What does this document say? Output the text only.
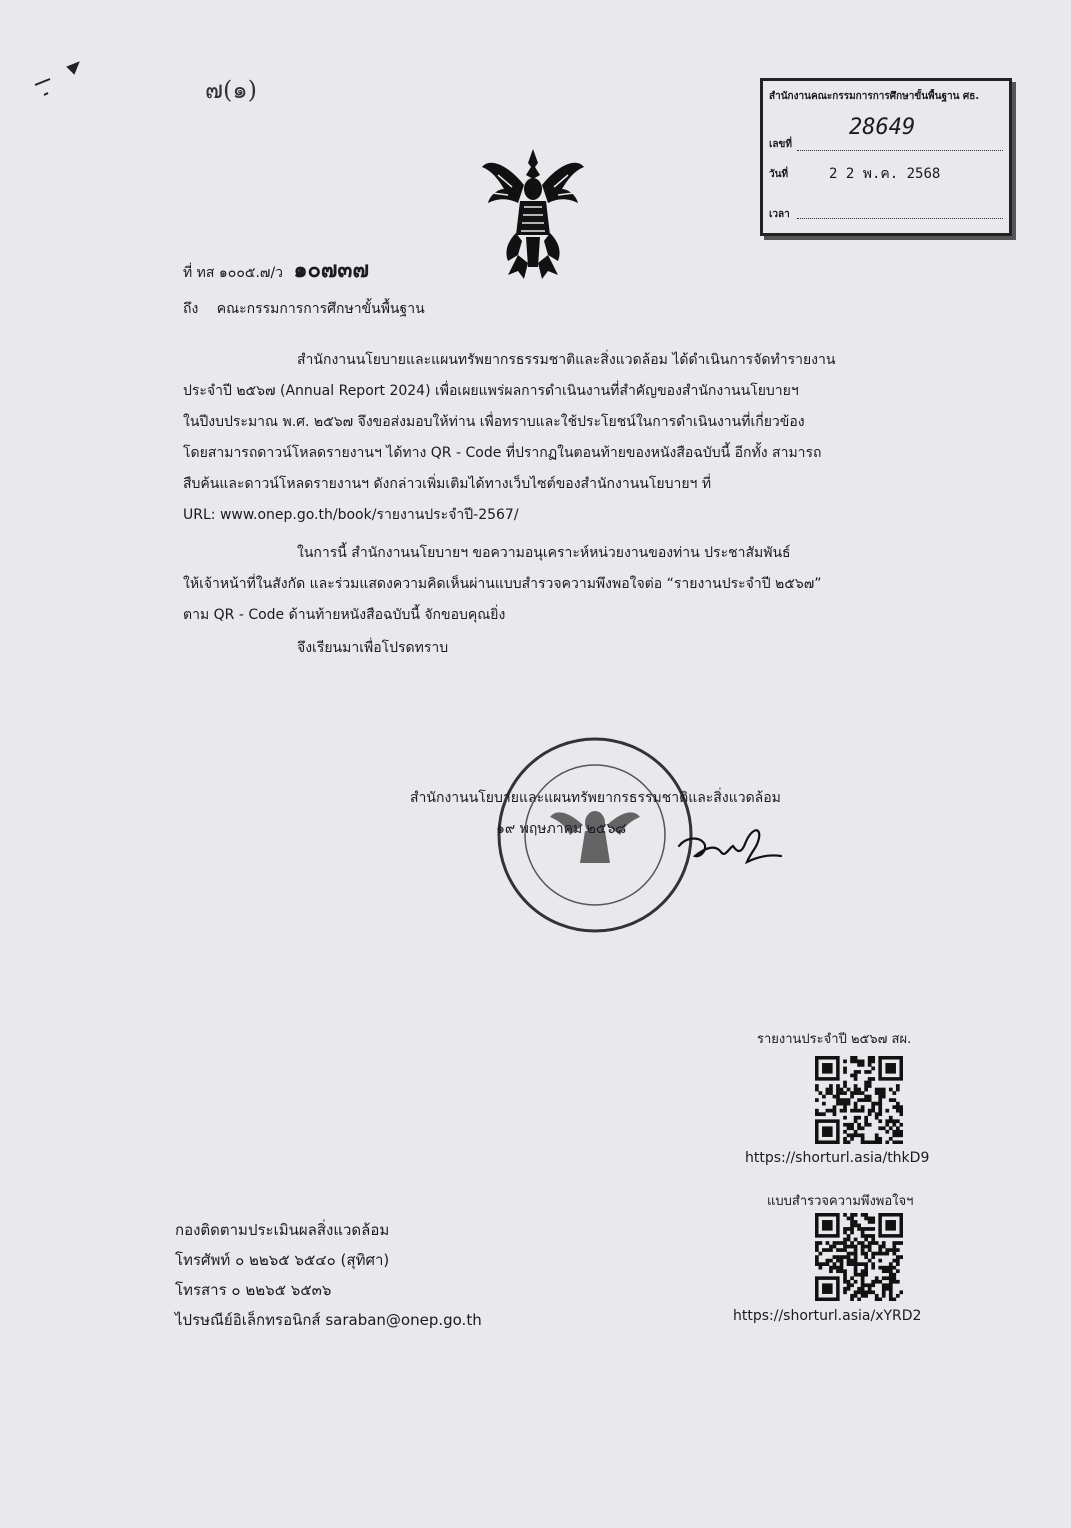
๗(๑)	สำนักงานคณะกรรมการการศึกษาขั้นพื้นฐาน ศธ.
เลขที่
28649
วันที่	2 2 พ.ค. 2568
เวลา
ที่ ทส ๑๐๐๕.๗/ว ๑๐๗๓๗
ถึง คณะกรรมการการศึกษาขั้นพื้นฐาน
สำนักงานนโยบายและแผนทรัพยากรธรรมชาติและสิ่งแวดล้อม ได้ดำเนินการจัดทำรายงาน
ประจำปี ๒๕๖๗ (Annual Report 2024) เพื่อเผยแพร่ผลการดำเนินงานที่สำคัญของสำนักงานนโยบายฯ
ในปีงบประมาณ พ.ศ. ๒๕๖๗ จึงขอส่งมอบให้ท่าน เพื่อทราบและใช้ประโยชน์ในการดำเนินงานที่เกี่ยวข้อง
โดยสามารถดาวน์โหลดรายงานฯ ได้ทาง QR - Code ที่ปรากฏในตอนท้ายของหนังสือฉบับนี้ อีกทั้ง สามารถ
สืบค้นและดาวน์โหลดรายงานฯ ดังกล่าวเพิ่มเติมได้ทางเว็บไซต์ของสำนักงานนโยบายฯ ที่
URL: www.onep.go.th/book/รายงานประจำปี-2567/
ในการนี้ สำนักงานนโยบายฯ ขอความอนุเคราะห์หน่วยงานของท่าน ประชาสัมพันธ์
ให้เจ้าหน้าที่ในสังกัด และร่วมแสดงความคิดเห็นผ่านแบบสำรวจความพึงพอใจต่อ “รายงานประจำปี ๒๕๖๗”
ตาม QR - Code ด้านท้ายหนังสือฉบับนี้ จักขอบคุณยิ่ง
จึงเรียนมาเพื่อโปรดทราบ
สำนักงานนโยบายและแผนทรัพยากรธรรมชาติและสิ่งแวดล้อม
๑๙ พฤษภาคม ๒๕๖๘
รายงานประจำปี ๒๕๖๗ สผ.
https://shorturl.asia/thkD9
แบบสำรวจความพึงพอใจฯ
https://shorturl.asia/xYRD2
กองติดตามประเมินผลสิ่งแวดล้อม
โทรศัพท์ ๐ ๒๒๖๕ ๖๕๔๐ (สุทิศา)
โทรสาร ๐ ๒๒๖๕ ๖๕๓๖
ไปรษณีย์อิเล็กทรอนิกส์ saraban@onep.go.th
